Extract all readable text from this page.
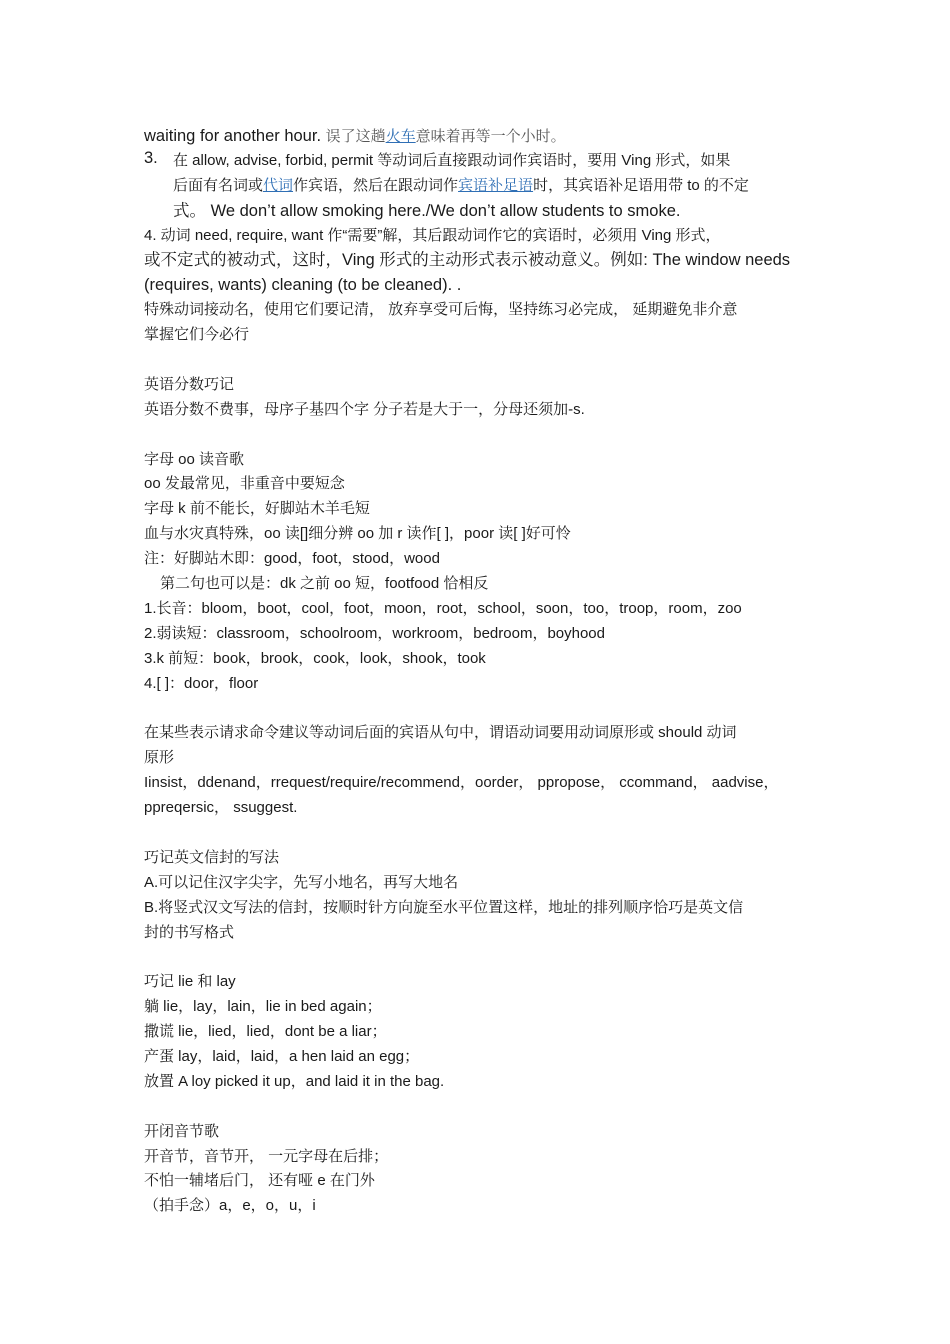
waiting for another hour. 误了这趟火车意味着再等一个小时。
3.	在 allow, advise, forbid, permit 等动词后直接跟动词作宾语时，要用 Ving 形式，如果
后面有名词或代词作宾语，然后在跟动词作宾语补足语时，其宾语补足语用带 to 的不定
式。 We don’t allow smoking here./We don’t allow students to smoke.
4. 动词 need, require, want 作“需要”解，其后跟动词作它的宾语时，必须用 Ving 形式，
或不定式的被动式，这时，Ving 形式的主动形式表示被动意义。例如: The window needs
(requires, wants) cleaning (to be cleaned). .
特殊动词接动名，使用它们要记清， 放弃享受可后悔，坚持练习必完成， 延期避免非介意
掌握它们今必行
英语分数巧记
英语分数不费事，母序子基四个字 分子若是大于一，分母还须加-s.
字母 oo 读音歌
oo 发最常见，非重音中要短念
字母 k 前不能长，好脚站木羊毛短
血与水灾真特殊，oo 读[]细分辨 oo 加 r 读作[ ]，poor 读[ ]好可怜
注：好脚站木即：good，foot，stood，wood
第二句也可以是：dk 之前 oo 短，footfood 恰相反
1.长音：bloom，boot，cool，foot，moon，root，school，soon，too，troop，room，zoo
2.弱读短：classroom，schoolroom，workroom，bedroom，boyhood
3.k 前短：book，brook，cook，look，shook，took
4.[ ]：door，floor
在某些表示请求命令建议等动词后面的宾语从句中，谓语动词要用动词原形或 should 动词
原形
Iinsist，ddenand，rrequest/require/recommend，oorder， ppropose， ccommand， aadvise，
ppreqersic， ssuggest.
巧记英文信封的写法
A.可以记住汉字尖字，先写小地名，再写大地名
B.将竖式汉文写法的信封，按顺时针方向旋至水平位置这样，地址的排列顺序恰巧是英文信
封的书写格式
巧记 lie 和 lay
躺 lie，lay，lain，lie in bed again；
撒谎 lie，lied，lied，dont be a liar；
产蛋 lay，laid，laid，a hen laid an egg；
放置 A loy picked it up，and laid it in the bag.
开闭音节歌
开音节，音节开， 一元字母在后排；
不怕一辅堵后门， 还有哑 e 在门外
（拍手念）a，e，o，u，i
